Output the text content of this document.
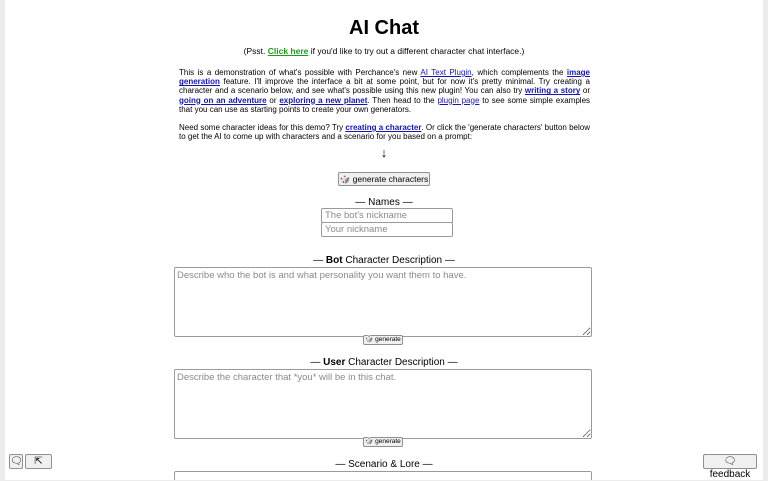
AI Chat
(Psst. Click here if you'd like to try out a different character chat interface.)

This is a demonstration of what's possible with Perchance's new AI Text Plugin, which complements the image generation feature. I'll improve the interface a bit at some point, but for now it's pretty minimal. Try creating a character and a scenario below, and see what's possible using this new plugin! You can also try writing a story or going on an adventure or exploring a new planet. Then head to the plugin page to see some simple examples that you can use as starting points to create your own generators.

Need some character ideas for this demo? Try creating a character. Or click the 'generate characters' button below to get the AI to come up with characters and a scenario for you based on a prompt:

↓
🎲 generate characters
— Names —
The bot's nickname
Your nickname
— Bot Character Description —
Describe who the bot is and what personality you want them to have.
🎲 generate
— User Character Description —
Describe the character that *you* will be in this chat.
🎲 generate
— Scenario & Lore —
🗨	⇱	🗨 feedback
